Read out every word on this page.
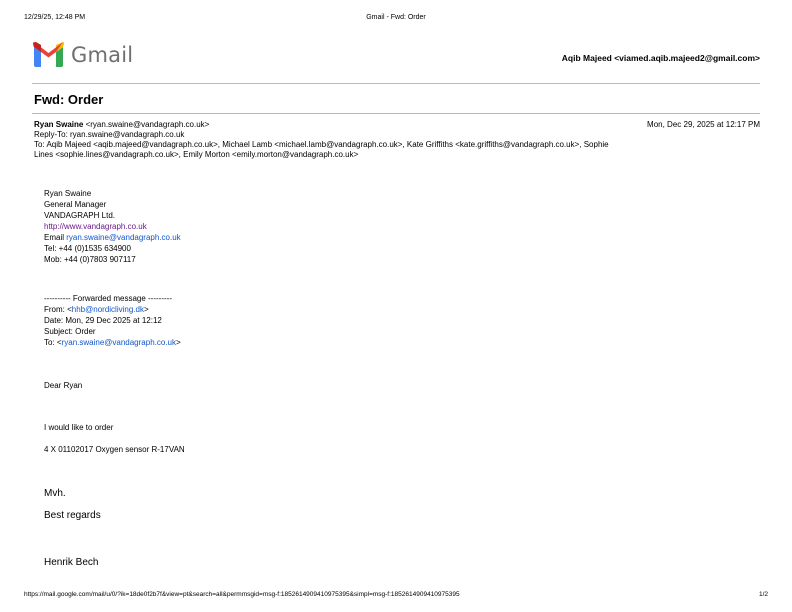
12/29/25, 12:48 PM	Gmail - Fwd: Order
Gmail	Aqib Majeed <viamed.aqib.majeed2@gmail.com>
Fwd: Order
Ryan Swaine <ryan.swaine@vandagraph.co.uk>	Mon, Dec 29, 2025 at 12:17 PM
Reply-To: ryan.swaine@vandagraph.co.uk
To: Aqib Majeed <aqib.majeed@vandagraph.co.uk>, Michael Lamb <michael.lamb@vandagraph.co.uk>, Kate Griffiths <kate.griffiths@vandagraph.co.uk>, Sophie
Lines <sophie.lines@vandagraph.co.uk>, Emily Morton <emily.morton@vandagraph.co.uk>
Ryan Swaine
General Manager
VANDAGRAPH Ltd.
http://www.vandagraph.co.uk
Email ryan.swaine@vandagraph.co.uk
Tel: +44 (0)1535 634900
Mob: +44 (0)7803 907117
---------- Forwarded message ---------
From: <hhb@nordicliving.dk>
Date: Mon, 29 Dec 2025 at 12:12
Subject: Order
To: <ryan.swaine@vandagraph.co.uk>
Dear Ryan
I would like to order
4 X 01102017 Oxygen sensor R-17VAN
Mvh.
Best regards
Henrik Bech
https://mail.google.com/mail/u/0/?ik=18de0f2b7f&view=pt&search=all&permmsgid=msg-f:1852614909410975395&simpl=msg-f:1852614909410975395	1/2
